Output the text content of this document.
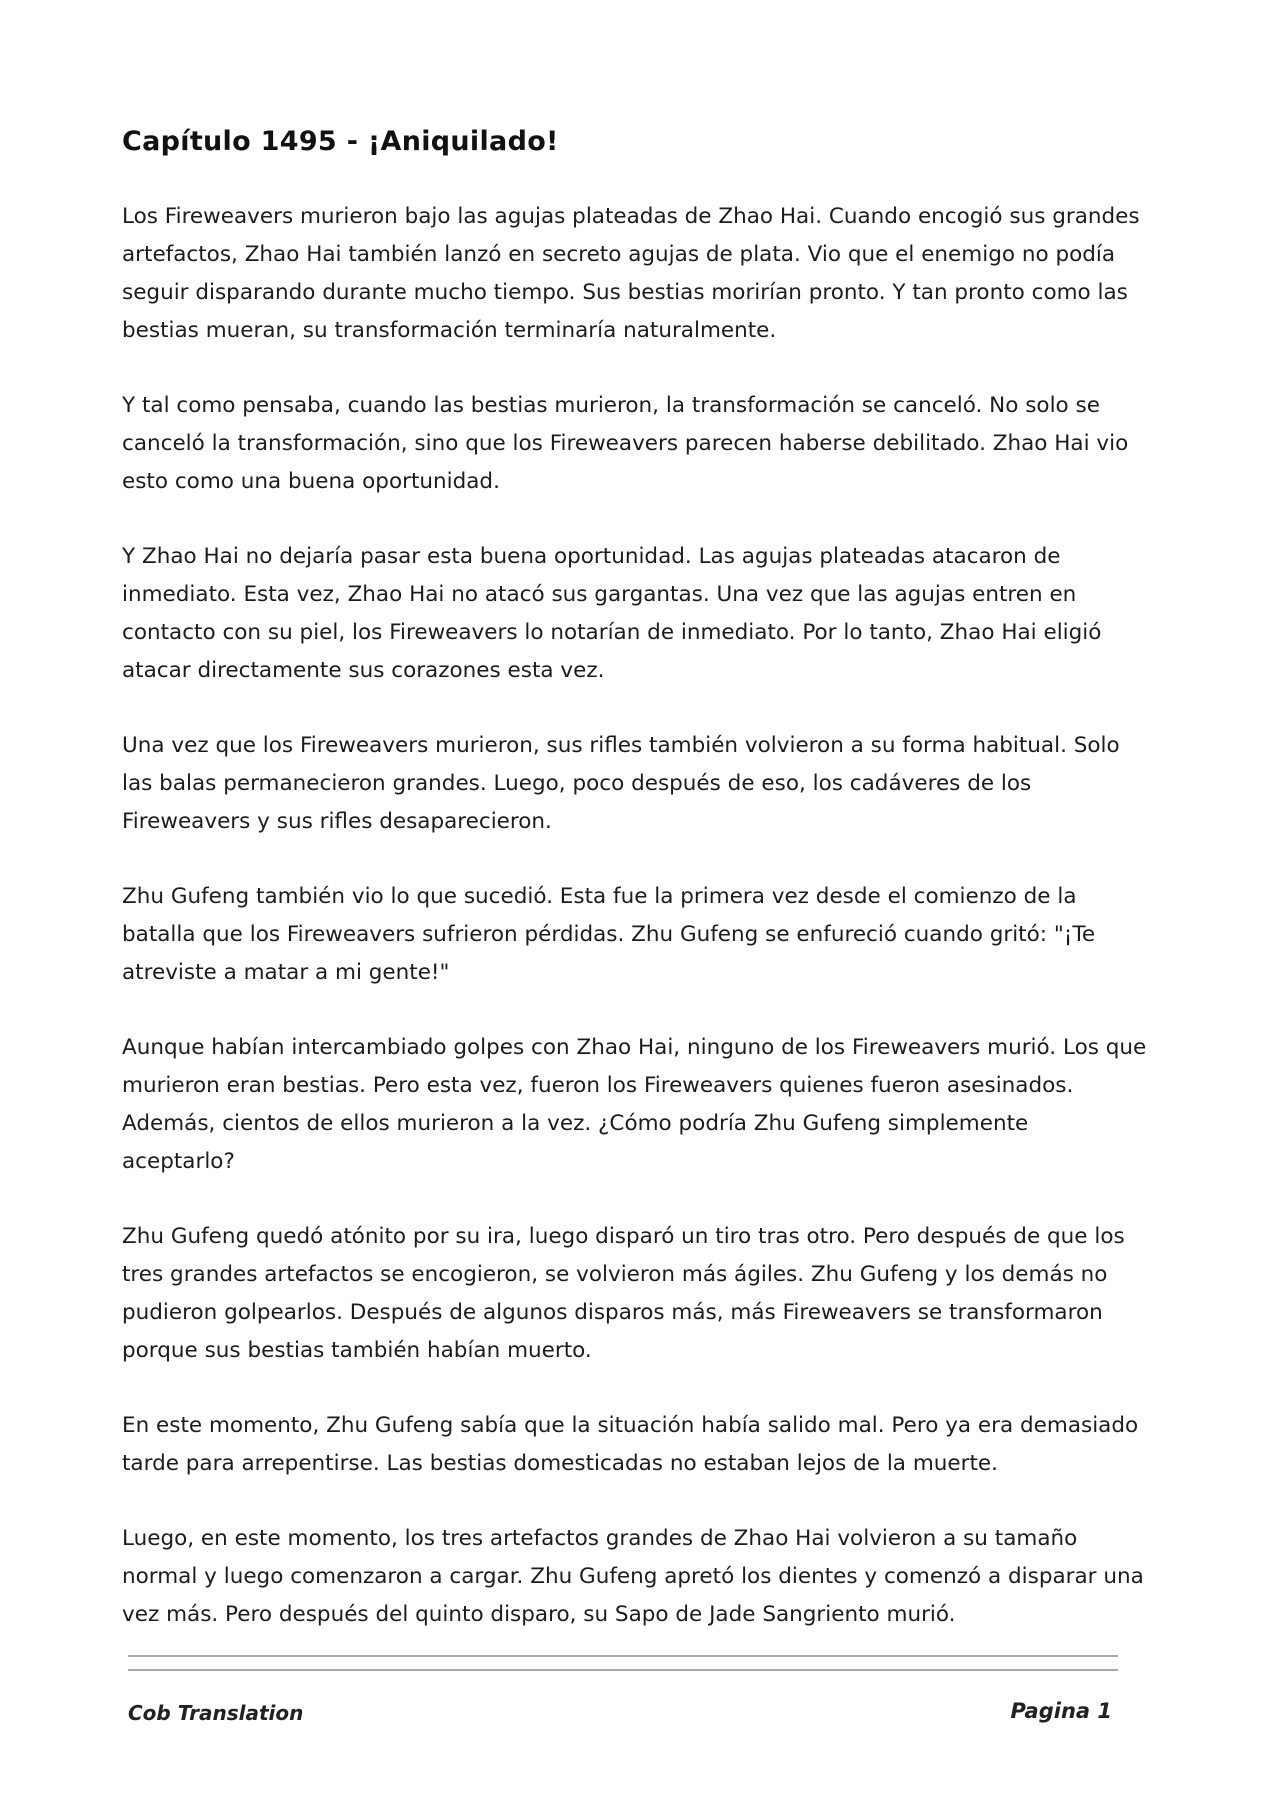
Capítulo 1495 - ¡Aniquilado!

Los Fireweavers murieron bajo las agujas plateadas de Zhao Hai. Cuando encogió sus grandes artefactos, Zhao Hai también lanzó en secreto agujas de plata. Vio que el enemigo no podía seguir disparando durante mucho tiempo. Sus bestias morirían pronto. Y tan pronto como las bestias mueran, su transformación terminaría naturalmente.

Y tal como pensaba, cuando las bestias murieron, la transformación se canceló. No solo se canceló la transformación, sino que los Fireweavers parecen haberse debilitado. Zhao Hai vio esto como una buena oportunidad.

Y Zhao Hai no dejaría pasar esta buena oportunidad. Las agujas plateadas atacaron de inmediato. Esta vez, Zhao Hai no atacó sus gargantas. Una vez que las agujas entren en contacto con su piel, los Fireweavers lo notarían de inmediato. Por lo tanto, Zhao Hai eligió atacar directamente sus corazones esta vez.

Una vez que los Fireweavers murieron, sus rifles también volvieron a su forma habitual. Solo las balas permanecieron grandes. Luego, poco después de eso, los cadáveres de los Fireweavers y sus rifles desaparecieron.

Zhu Gufeng también vio lo que sucedió. Esta fue la primera vez desde el comienzo de la batalla que los Fireweavers sufrieron pérdidas. Zhu Gufeng se enfureció cuando gritó: "¡Te atreviste a matar a mi gente!"

Aunque habían intercambiado golpes con Zhao Hai, ninguno de los Fireweavers murió. Los que murieron eran bestias. Pero esta vez, fueron los Fireweavers quienes fueron asesinados. Además, cientos de ellos murieron a la vez. ¿Cómo podría Zhu Gufeng simplemente aceptarlo?

Zhu Gufeng quedó atónito por su ira, luego disparó un tiro tras otro. Pero después de que los tres grandes artefactos se encogieron, se volvieron más ágiles. Zhu Gufeng y los demás no pudieron golpearlos. Después de algunos disparos más, más Fireweavers se transformaron porque sus bestias también habían muerto.

En este momento, Zhu Gufeng sabía que la situación había salido mal. Pero ya era demasiado tarde para arrepentirse. Las bestias domesticadas no estaban lejos de la muerte.

Luego, en este momento, los tres artefactos grandes de Zhao Hai volvieron a su tamaño normal y luego comenzaron a cargar. Zhu Gufeng apretó los dientes y comenzó a disparar una vez más. Pero después del quinto disparo, su Sapo de Jade Sangriento murió.

Cob Translation	Pagina 1
